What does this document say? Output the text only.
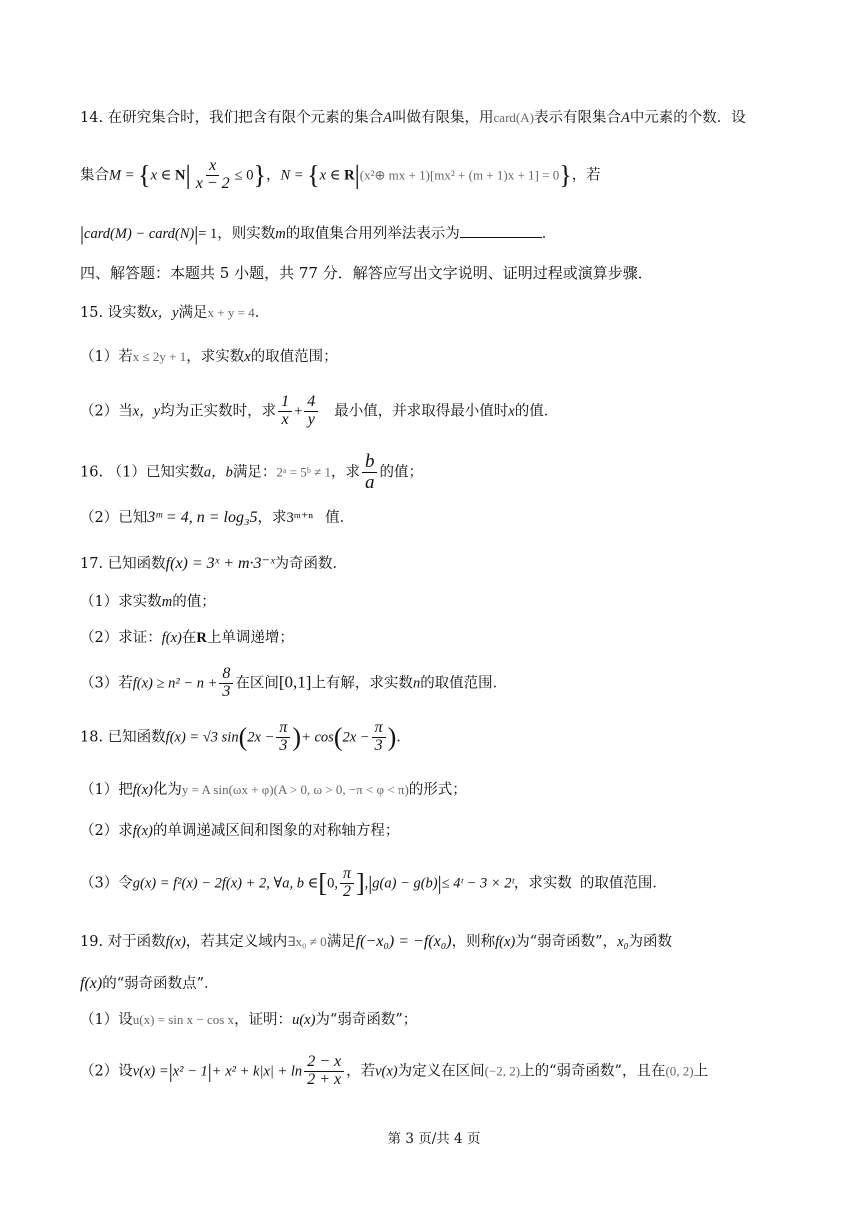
14. 在研究集合时，我们把含有限个元素的集合A叫做有限集，用card(A)表示有限集合A中元素的个数．设
集合M = {x ∈ $N| \frac{x}{x - 2} \le 0$}，N = {x ∈ R|(x²⊕ mx + 1)[mx² + (m + 1)x + 1] = 0}，若
|card(M) − card(N)|= 1，则实数m的取值集合用列举法表示为	．
四、解答题：本题共 5 小题，共 77 分．解答应写出文字说明、证明过程或演算步骤．
15. 设实数x，y满足x + y = 4．
（1）若x ≤ 2y + 1，求实数x的取值范围；
（2）当x，y均为正实数时，求 $\frac{1}{x} + \frac{4}{y}$ 最小值，并求取得最小值时x的值．
16. （1）已知实数a，b满足：2ᵃ = 5ᵇ ≠ 1，求 $\frac{b}{a}$ 的值；
（2）已知3ᵐ = 4, n = log₃5，求3ᵐ⁺ⁿ 值．
17. 已知函数f(x) = 3ˣ + m·3⁻ˣ为奇函数．
（1）求实数m的值；
（2）求证：f(x)在R上单调递增；
（3）若$f(x) \ge n^2 - n + \frac{8}{3}$ 在区间[0,1]上有解，求实数n的取值范围．
18. 已知函数f(x) = √3 $\sin(2x - \frac{\pi}{3}$ )+ $\cos(2x - \frac{\pi}{3}$ )．
（1）把f(x)化为y = A sin(ωx + φ)(A > 0, ω > 0, −π < φ < π)的形式；
（2）求f(x)的单调递减区间和图象的对称轴方程；
（3）令g(x) = f²(x) − 2f(x) + 2, ∀a, b ∈[0, $\frac{\pi}{2} ],|g(a) - g(b)|\le$ 4ᵗ − 3 × 2ᵗ，求实数 的取值范围．
19. 对于函数f(x)，若其定义域内∃x₀ ≠ 0满足f(−x₀) = −f(x₀)，则称f(x)为“弱奇函数”，x₀为函数
f(x)的“弱奇函数点”．
（1）设u(x) = sin x − cos x，证明：u(x)为“弱奇函数”；
（2）设$v(x) =|x^2 - 1|+ x^2 + k|x| + \ln \frac{2 - x}{2 + x}$ ，若v(x)为定义在区间(−2, 2)上的“弱奇函数”，且在(0, 2)上
第 3 页/共 4 页
